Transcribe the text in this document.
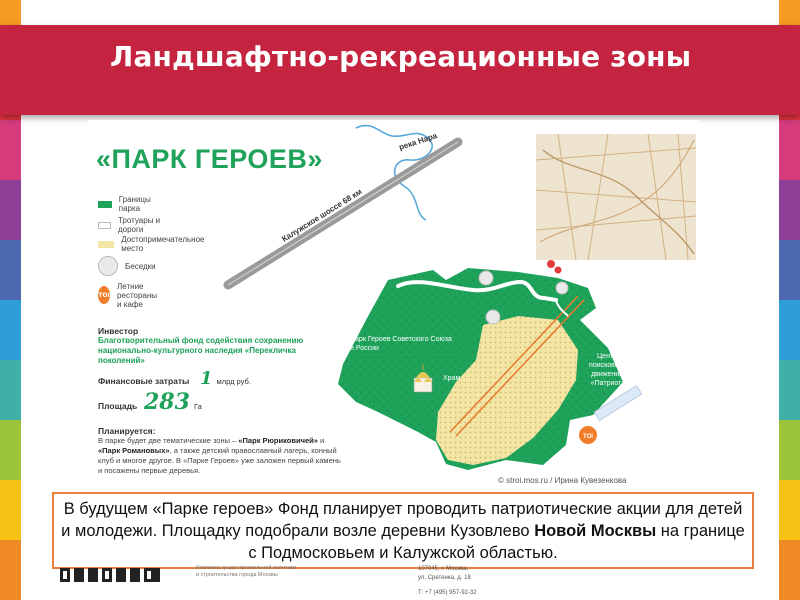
Ландшафтно-рекреационные зоны
река Нара
Калужское шоссе 68 км
Парк Героев Советского Союза и России
Храм
Центр поискового движения «Патриот»
TOI
© stroi.mos.ru / Ирина Кувезенкова
«ПАРК ГЕРОЕВ»
Границы парка
Тротуары и дороги
Достопримечательное место
Беседки
TOI
Летние рестораны
и кафе
Инвестор
Благотворительный фонд содействия сохранению национально-культурного наследия «Перекличка поколений»
Финансовые затраты 1 млрд руб.
Площадь 283 Га
Планируется:
В парке будет две тематические зоны – «Парк Рюриковичей» и «Парк Романовых», а также детский православный лагерь, конный клуб и многое другое. В «Парке Героев» уже заложен первый камень и посажены первые деревья.
В будущем «Парке героев» Фонд планирует проводить патриотические акции для детей и молодежи. Площадку подобрали возле деревни Кузовлево Новой Москвы на границе с Подмосковьем и Калужской областью.
Комплекс градостроительной политики
и строительства города Москвы
107045, г. Москва,
ул. Сретенка, д. 18
Т: +7 (495) 957-92-32
